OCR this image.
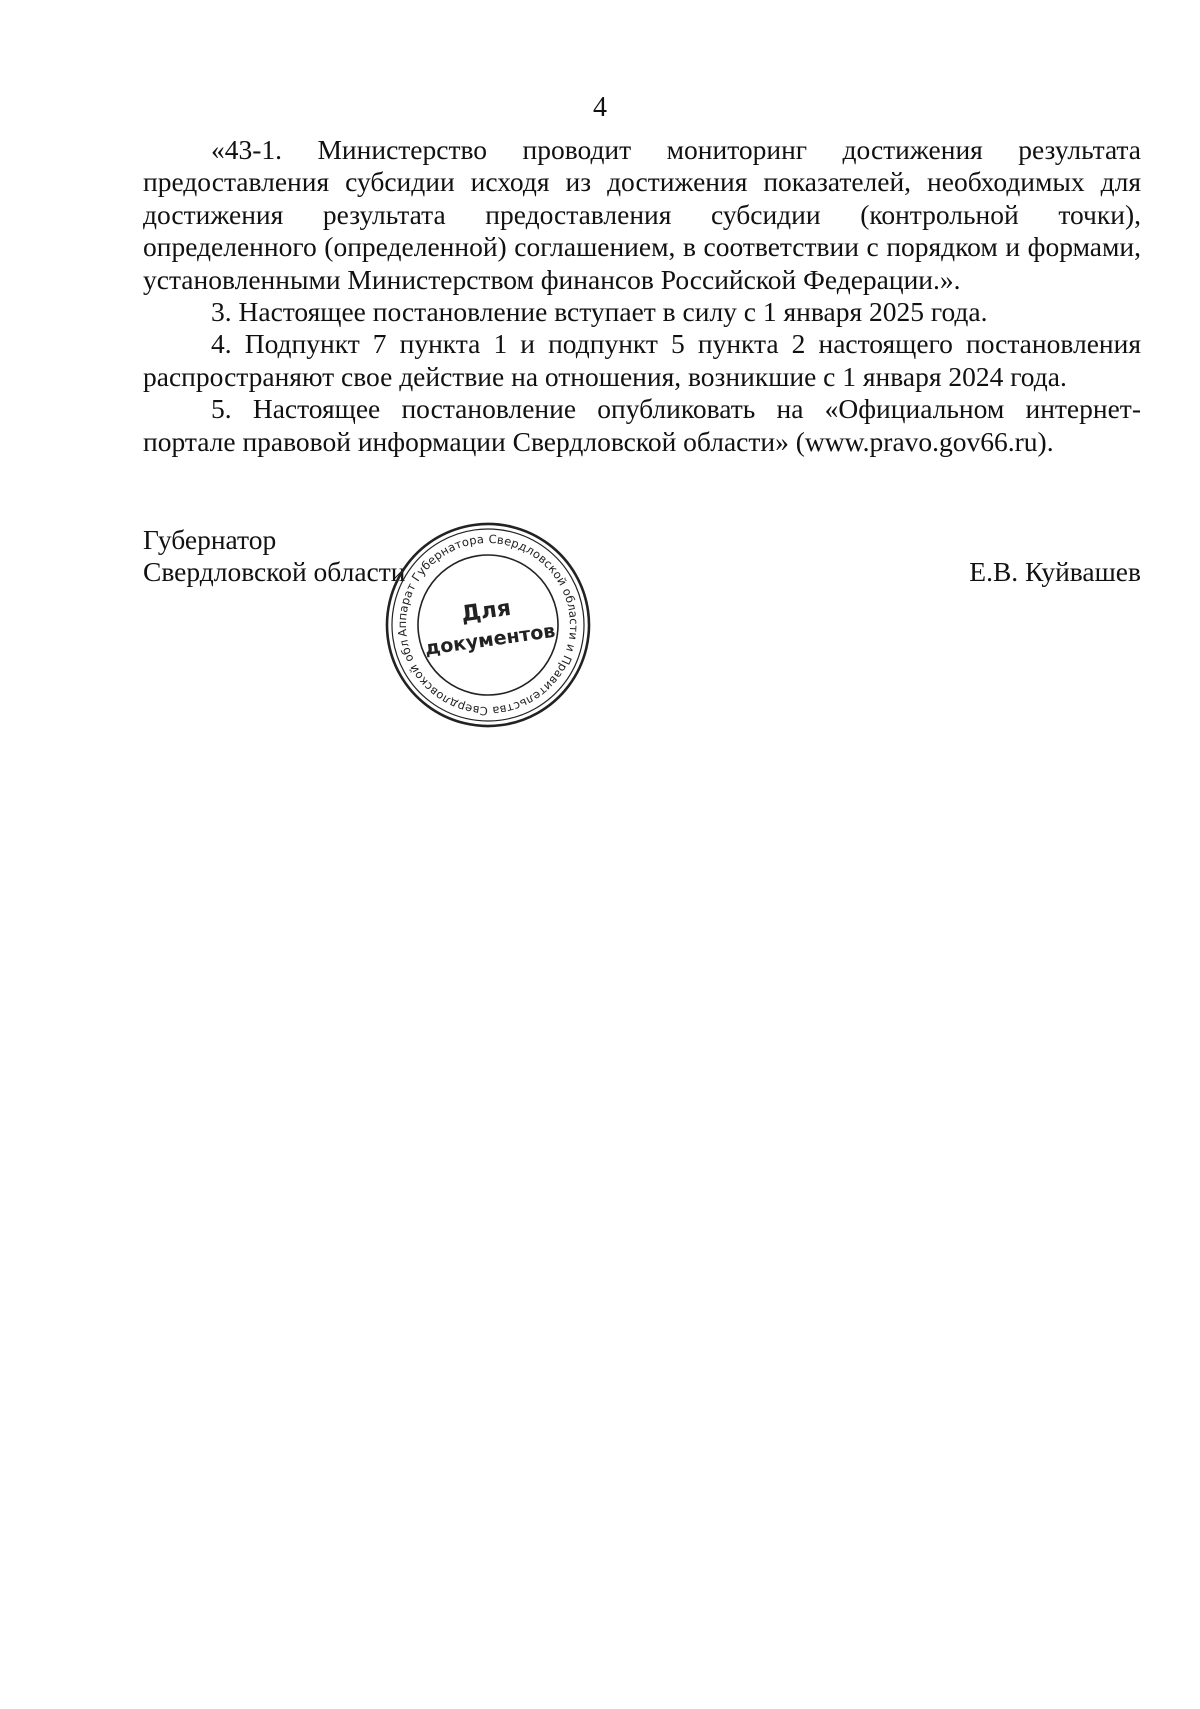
4

«43-1. Министерство проводит мониторинг достижения результата предоставления субсидии исходя из достижения показателей, необходимых для достижения результата предоставления субсидии (контрольной точки), определенного (определенной) соглашением, в соответствии с порядком и формами, установленными Министерством финансов Российской Федерации.».

3. Настоящее постановление вступает в силу с 1 января 2025 года.

4. Подпункт 7 пункта 1 и подпункт 5 пункта 2 настоящего постановления распространяют свое действие на отношения, возникшие с 1 января 2024 года.

5. Настоящее постановление опубликовать на «Официальном интернет-портале правовой информации Свердловской области» (www.pravo.gov66.ru).

Губернатор
Свердловской области	Е.В. Куйвашев
Аппарат Губернатора Свердловской области и Правительства Свердловской области
Для
документов
